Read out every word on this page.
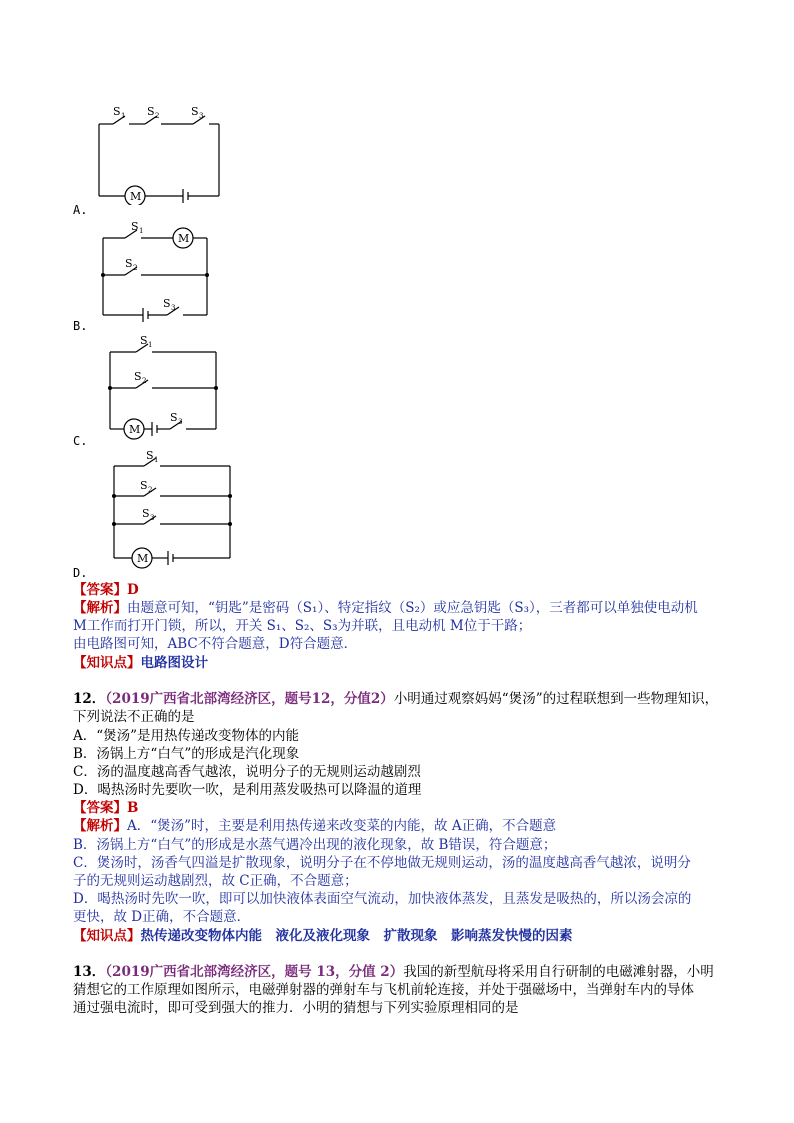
S 1 S 2	S 3
M
A.
S 1
S 2
S 3
M
B.
S 1
S 2
S 3
M
C.
S 1
S 2
S 3
M
D.
【答案】D
【解析】由题意可知，“钥匙”是密码（S₁）、特定指纹（S₂）或应急钥匙（S₃），三者都可以单独使电动机
M工作而打开门锁，所以，开关 S₁、S₂、S₃为并联，且电动机 M位于干路；
由电路图可知，ABC不符合题意，D符合题意．
【知识点】电路图设计
12．（2019广西省北部湾经济区，题号12，分值2）小明通过观察妈妈“煲汤”的过程联想到一些物理知识，
下列说法不正确的是
A．“煲汤”是用热传递改变物体的内能
B．汤锅上方“白气”的形成是汽化现象
C．汤的温度越高香气越浓，说明分子的无规则运动越剧烈
D．喝热汤时先要吹一吹，是利用蒸发吸热可以降温的道理
【答案】B
【解析】A．“煲汤”时，主要是利用热传递来改变菜的内能，故 A正确，不合题意
B．汤锅上方“白气”的形成是水蒸气遇冷出现的液化现象，故 B错误，符合题意；
C．煲汤时，汤香气四溢是扩散现象，说明分子在不停地做无规则运动，汤的温度越高香气越浓，说明分
子的无规则运动越剧烈，故 C正确，不合题意；
D．喝热汤时先吹一吹，即可以加快液体表面空气流动，加快液体蒸发，且蒸发是吸热的，所以汤会凉的
更快，故 D正确，不合题意．
【知识点】热传递改变物体内能　液化及液化现象　扩散现象　影响蒸发快慢的因素
13．（2019广西省北部湾经济区，题号 13，分值 2）我国的新型航母将采用自行研制的电磁滩射器，小明
猜想它的工作原理如图所示，电磁弹射器的弹射车与飞机前轮连接，并处于强磁场中，当弹射车内的导体
通过强电流时，即可受到强大的推力．小明的猜想与下列实验原理相同的是
